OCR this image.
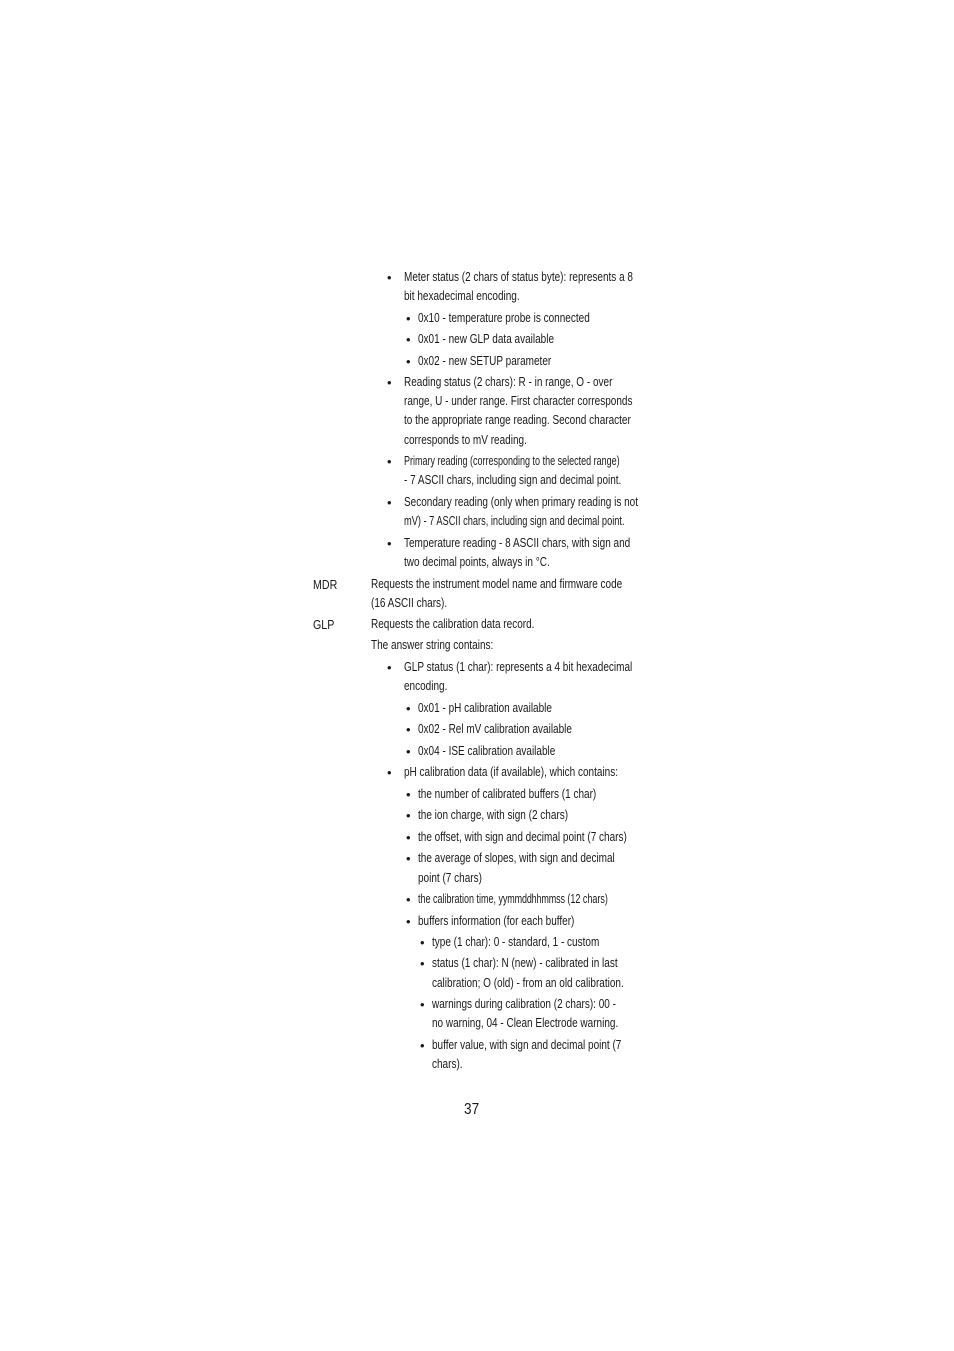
• Meter status (2 chars of status byte): represents a 8
bit hexadecimal encoding.
• 0x10 - temperature probe is connected
• 0x01 - new GLP data available
• 0x02 - new SETUP parameter
• Reading status (2 chars): R - in range, O - over
range, U - under range. First character corresponds
to the appropriate range reading. Second character
corresponds to mV reading.
• Primary reading (corresponding to the selected range)
- 7 ASCII chars, including sign and decimal point.
• Secondary reading (only when primary reading is not
mV) - 7 ASCII chars, including sign and decimal point.
• Temperature reading - 8 ASCII chars, with sign and
two decimal points, always in °C.
MDR	Requests the instrument model name and firmware code
(16 ASCII chars).
GLP	Requests the calibration data record.
The answer string contains:
• GLP status (1 char): represents a 4 bit hexadecimal
encoding.
• 0x01 - pH calibration available
• 0x02 - Rel mV calibration available
• 0x04 - ISE calibration available
• pH calibration data (if available), which contains:
• the number of calibrated buffers (1 char)
• the ion charge, with sign (2 chars)
• the offset, with sign and decimal point (7 chars)
• the average of slopes, with sign and decimal
point (7 chars)
• the calibration time, yymmddhhmmss (12 chars)
• buffers information (for each buffer)
• type (1 char): 0 - standard, 1 - custom
• status (1 char): N (new) - calibrated in last
calibration; O (old) - from an old calibration.
• warnings during calibration (2 chars): 00 -
no warning, 04 - Clean Electrode warning.
• buffer value, with sign and decimal point (7
chars).
37
